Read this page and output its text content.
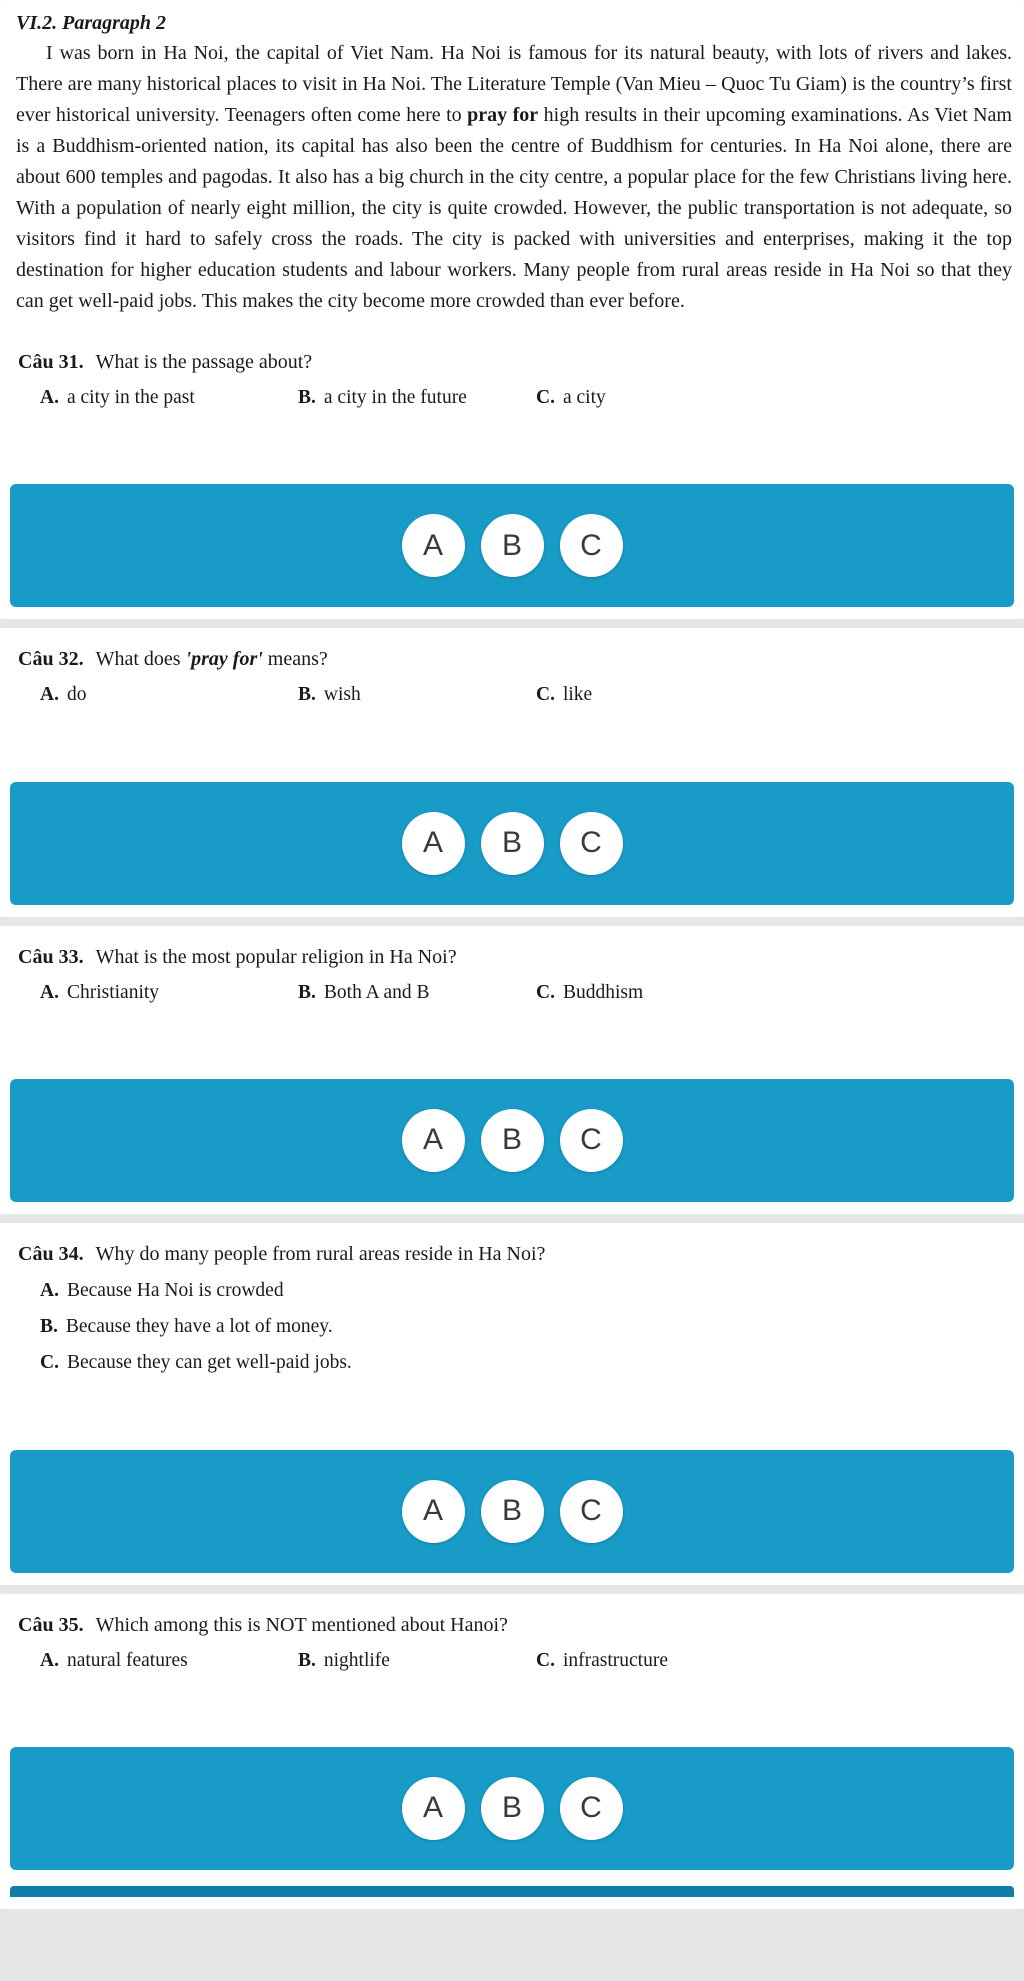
VI.2. Paragraph 2

I was born in Ha Noi, the capital of Viet Nam. Ha Noi is famous for its natural beauty, with lots of rivers and lakes. There are many historical places to visit in Ha Noi. The Literature Temple (Van Mieu – Quoc Tu Giam) is the country’s first ever historical university. Teenagers often come here to pray for high results in their upcoming examinations. As Viet Nam is a Buddhism-oriented nation, its capital has also been the centre of Buddhism for centuries. In Ha Noi alone, there are about 600 temples and pagodas. It also has a big church in the city centre, a popular place for the few Christians living here. With a population of nearly eight million, the city is quite crowded. However, the public transportation is not adequate, so visitors find it hard to safely cross the roads. The city is packed with universities and enterprises, making it the top destination for higher education students and labour workers. Many people from rural areas reside in Ha Noi so that they can get well-paid jobs. This makes the city become more crowded than ever before.

Câu 31. What is the passage about?
A. a city in the past	B. a city in the future	C. a city
A	B	C
Câu 32. What does 'pray for' means?
A. do	B. wish	C. like
A	B	C
Câu 33. What is the most popular religion in Ha Noi?
A. Christianity	B. Both A and B	C. Buddhism
A	B	C
Câu 34. Why do many people from rural areas reside in Ha Noi?
A. Because Ha Noi is crowded
B. Because they have a lot of money.
C. Because they can get well-paid jobs.
A	B	C
Câu 35. Which among this is NOT mentioned about Hanoi?
A. natural features	B. nightlife	C. infrastructure
A	B	C
